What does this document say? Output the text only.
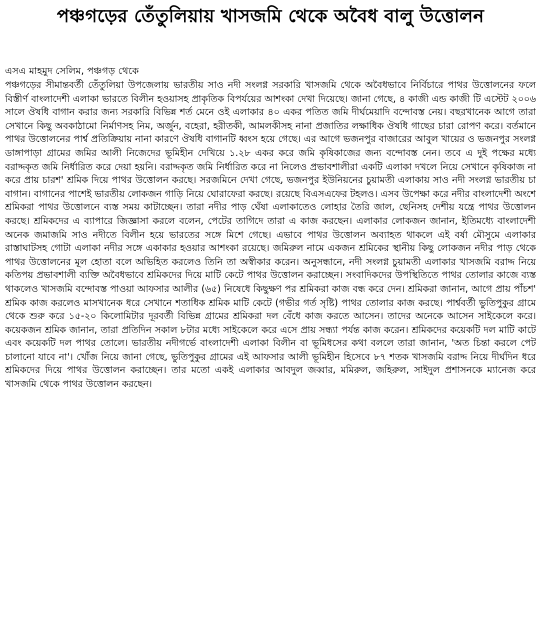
পঞ্চগড়ের তেঁতুলিয়ায় খাসজমি থেকে অবৈধ বালু উত্তোলন
এসএ মাহমুদ সেলিম, পঞ্চগড় থেকে

পঞ্চগড়ের সীমান্তবর্তী তেঁতুলিয়া উপজেলায় ভারতীয় সাও নদী সংলগ্ন সরকারি খাসজমি থেকে অবৈধভাবে নির্বিচারে পাথর উত্তোলনের ফলে বিস্তীর্ণ বাংলাদেশী এলাকা ভারতে বিলীন হওয়াসহ প্রাকৃতিক বিপর্যয়ের আশংকা দেখা দিয়েছে। জানা গেছে, ৪ কাজী এন্ড কাজী টি এস্টেট ২০০৬ সালে ঔষধি বাগান করার জন্য সরকারি বিভিন্ন শর্ত মেনে ওই এলাকার ৪০ একর পতিত জমি দীর্ঘমেয়াদি বন্দোবস্ত নেয়। বছরখানেক আগে তারা সেখানে কিছু অবকাঠামো নির্মাণসহ নিম, অর্জুন, বহেরা, হরীতকী, আমলকীসহ নানা প্রজাতির লক্ষাধিক ঔষধি গাছের চারা রোপণ করে। বর্তমানে পাথর উত্তোলনের পার্শ্ব প্রতিক্রিয়ায় নানা কারণে ঔষধি বাগানটি ধ্বংস হয়ে গেছে। এর আগে ভজনপুর বাজারের আবুল খায়ের ও ভজনপুর সংলগ্ন ডাঙ্গাপাড়া গ্রামের জমির আলী নিজেদের ভূমিহীন দেখিয়ে ১.২৮ একর করে জমি কৃষিকাজের জন্য বন্দোবস্ত নেন। তবে এ দুই পক্ষের মধ্যে বরাদ্দকৃত জমি নির্ধারিত করে দেয়া হয়নি। বরাদ্দকৃত জমি নির্ধারিত করে না নিলেও প্রভাবশালীরা একটি এলাকা দখলে নিয়ে সেখানে কৃষিকাজ না করে প্রায় চারশ' শ্রমিক দিয়ে পাথর উত্তোলন করছে। সরজমিনে দেখা গেছে, ভজনপুর ইউনিয়নের চুয়ামতী এলাকায় সাও নদী সংলগ্ন ভারতীয় চা বাগান। বাগানের পাশেই ভারতীয় লোকজন গাড়ি নিয়ে ঘোরাফেরা করছে। রয়েছে বিএসএফের টহলও। এসব উপেক্ষা করে নদীর বাংলাদেশী অংশে শ্রমিকরা পাথর উত্তোলনে ব্যস্ত সময় কাটাচ্ছেন। তারা নদীর পাড় ঘেঁষা এলাকাতেও লোহার তৈরি জাল, ছেনিসহ দেশীয় যন্ত্রে পাথর উত্তোলন করছে। শ্রমিকদের এ ব্যাপারে জিজ্ঞাসা করলে বলেন, পেটের তাগিদে তারা এ কাজ করছেন। এলাকার লোকজন জানান, ইতিমধ্যে বাংলাদেশী অনেক জমাজমি সাও নদীতে বিলীন হয়ে ভারতের সঙ্গে মিশে গেছে। এভাবে পাথর উত্তোলন অব্যাহত থাকলে এই বর্ষা মৌসুমে এলাকার রাস্তাঘাটসহ গোটা এলাকা নদীর সঙ্গে একাকার হওয়ার আশংকা রয়েছে। জমিরুল নামে একজন শ্রমিকের স্থানীয় কিছু লোকজন নদীর পাড় থেকে পাথর উত্তোলনের মূল হোতা বলে অভিহিত করলেও তিনি তা অস্বীকার করেন। অনুসন্ধানে, নদী সংলগ্ন চুয়ামতী এলাকার খাসজমি বরাদ্দ নিয়ে কতিপয় প্রভাবশালী ব্যক্তি অবৈধভাবে শ্রমিকদের দিয়ে মাটি কেটে পাথর উত্তোলন করাচ্ছেন। সংবাদিকদের উপস্থিতিতে পাথর তোলার কাজে ব্যস্ত থাকলেও খাসজমি বন্দোবস্ত পাওয়া আফসার আলীর (৬৫) নিষেধে কিছুক্ষণ পর শ্রমিকরা কাজ বন্ধ করে দেন। শ্রমিকরা জানান, আগে প্রায় পাঁচশ' শ্রমিক কাজ করলেও মাসখানেক ধরে সেখানে শতাধিক শ্রমিক মাটি কেটে (গভীর গর্ত সৃষ্টি) পাথর তোলার কাজ করছে। পার্শ্ববর্তী ভুতিপুকুর গ্রামে থেকে শুরু করে ১৫-২০ কিলোমিটার দূরবর্তী বিভিন্ন গ্রামের শ্রমিকরা দল বেঁধে কাজ করতে আসেন। তাদের অনেকে আসেন সাইকেলে করে। কয়েকজন শ্রমিক জানান, তারা প্রতিদিন সকাল ৮টার মধ্যে সাইকেলে করে এসে প্রায় সন্ধ্যা পর্যন্ত কাজ করেন। শ্রমিকদের কয়েকটি দল মাটি কাটে এবং কয়েকটি দল পাথর তোলে। ভারতীয় নদীগর্ভে বাংলাদেশী এলাকা বিলীন বা ভূমিধসের কথা বললে তারা জানান, 'অত চিন্তা করলে পেট চালানো যাবে না'। খোঁজ নিয়ে জানা গেছে, ভুতিপুকুর গ্রামের এই আফসার আলী ভূমিহীন হিসেবে ৮৭ শতক খাসজমি বরাদ্দ নিয়ে দীর্ঘদিন ধরে শ্রমিকদের দিয়ে পাথর উত্তোলন করাচ্ছেন। তার মতো একই এলাকার আবদুল জব্বার, মমিরুল, জহিরুল, সাইদুল প্রশাসনকে ম্যানেজ করে খাসজমি থেকে পাথর উত্তোলন করছেন।
